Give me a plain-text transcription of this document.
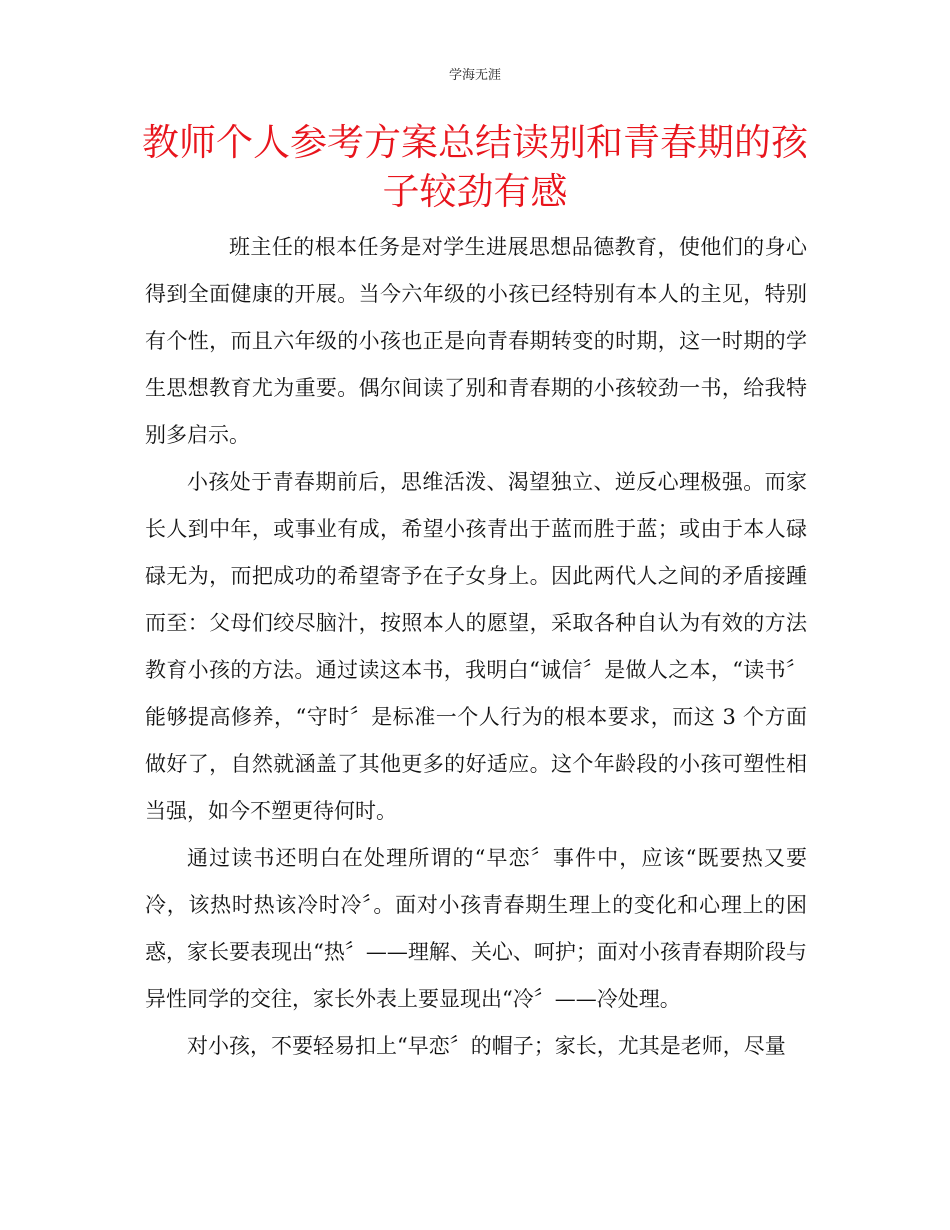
学海无涯
教师个人参考方案总结读别和青春期的孩子较劲有感

班主任的根本任务是对学生进展思想品德教育，使他们的身心得到全面健康的开展。当今六年级的小孩已经特别有本人的主见，特别有个性，而且六年级的小孩也正是向青春期转变的时期，这一时期的学生思想教育尤为重要。偶尔间读了别和青春期的小孩较劲一书，给我特别多启示。

小孩处于青春期前后，思维活泼、渴望独立、逆反心理极强。而家长人到中年，或事业有成，希望小孩青出于蓝而胜于蓝；或由于本人碌碌无为，而把成功的希望寄予在子女身上。因此两代人之间的矛盾接踵而至：父母们绞尽脑汁，按照本人的愿望，采取各种自认为有效的方法教育小孩的方法。通过读这本书，我明白“诚信〞是做人之本，“读书〞能够提高修养，“守时〞是标准一个人行为的根本要求，而这 3 个方面做好了，自然就涵盖了其他更多的好适应。这个年龄段的小孩可塑性相当强，如今不塑更待何时。

通过读书还明白在处理所谓的“早恋〞事件中，应该“既要热又要冷，该热时热该冷时冷〞。面对小孩青春期生理上的变化和心理上的困惑，家长要表现出“热〞——理解、关心、呵护；面对小孩青春期阶段与异性同学的交往，家长外表上要显现出“冷〞——冷处理。

对小孩，不要轻易扣上“早恋〞的帽子；家长，尤其是老师，尽量
